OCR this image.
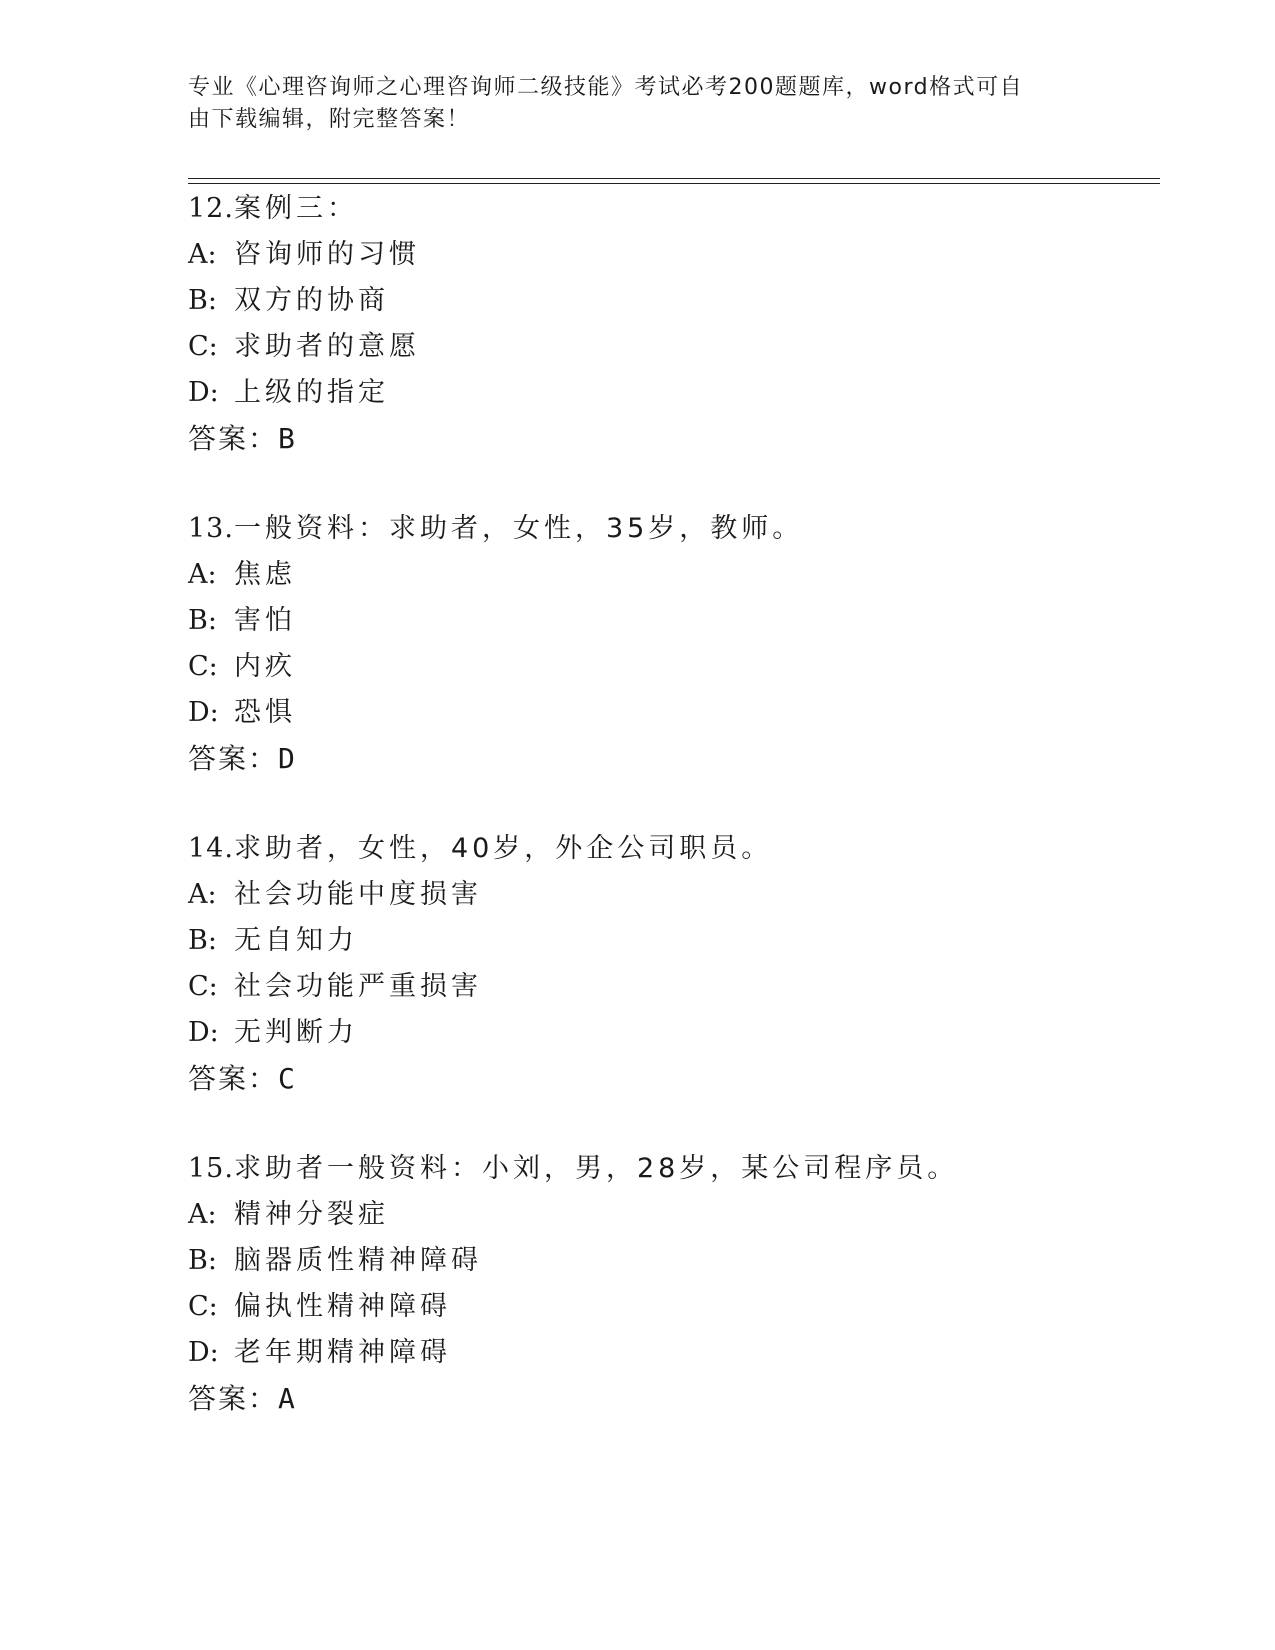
专业《心理咨询师之心理咨询师二级技能》考试必考200题题库，word格式可自
由下载编辑，附完整答案！
12.案例三：
A: 咨询师的习惯
B: 双方的协商
C: 求助者的意愿
D: 上级的指定
答案：B
13.一般资料：求助者，女性，35岁，教师。
A: 焦虑
B: 害怕
C: 内疚
D: 恐惧
答案：D
14.求助者，女性，40岁，外企公司职员。
A: 社会功能中度损害
B: 无自知力
C: 社会功能严重损害
D: 无判断力
答案：C
15.求助者一般资料：小刘，男，28岁，某公司程序员。
A: 精神分裂症
B: 脑器质性精神障碍
C: 偏执性精神障碍
D: 老年期精神障碍
答案：A
